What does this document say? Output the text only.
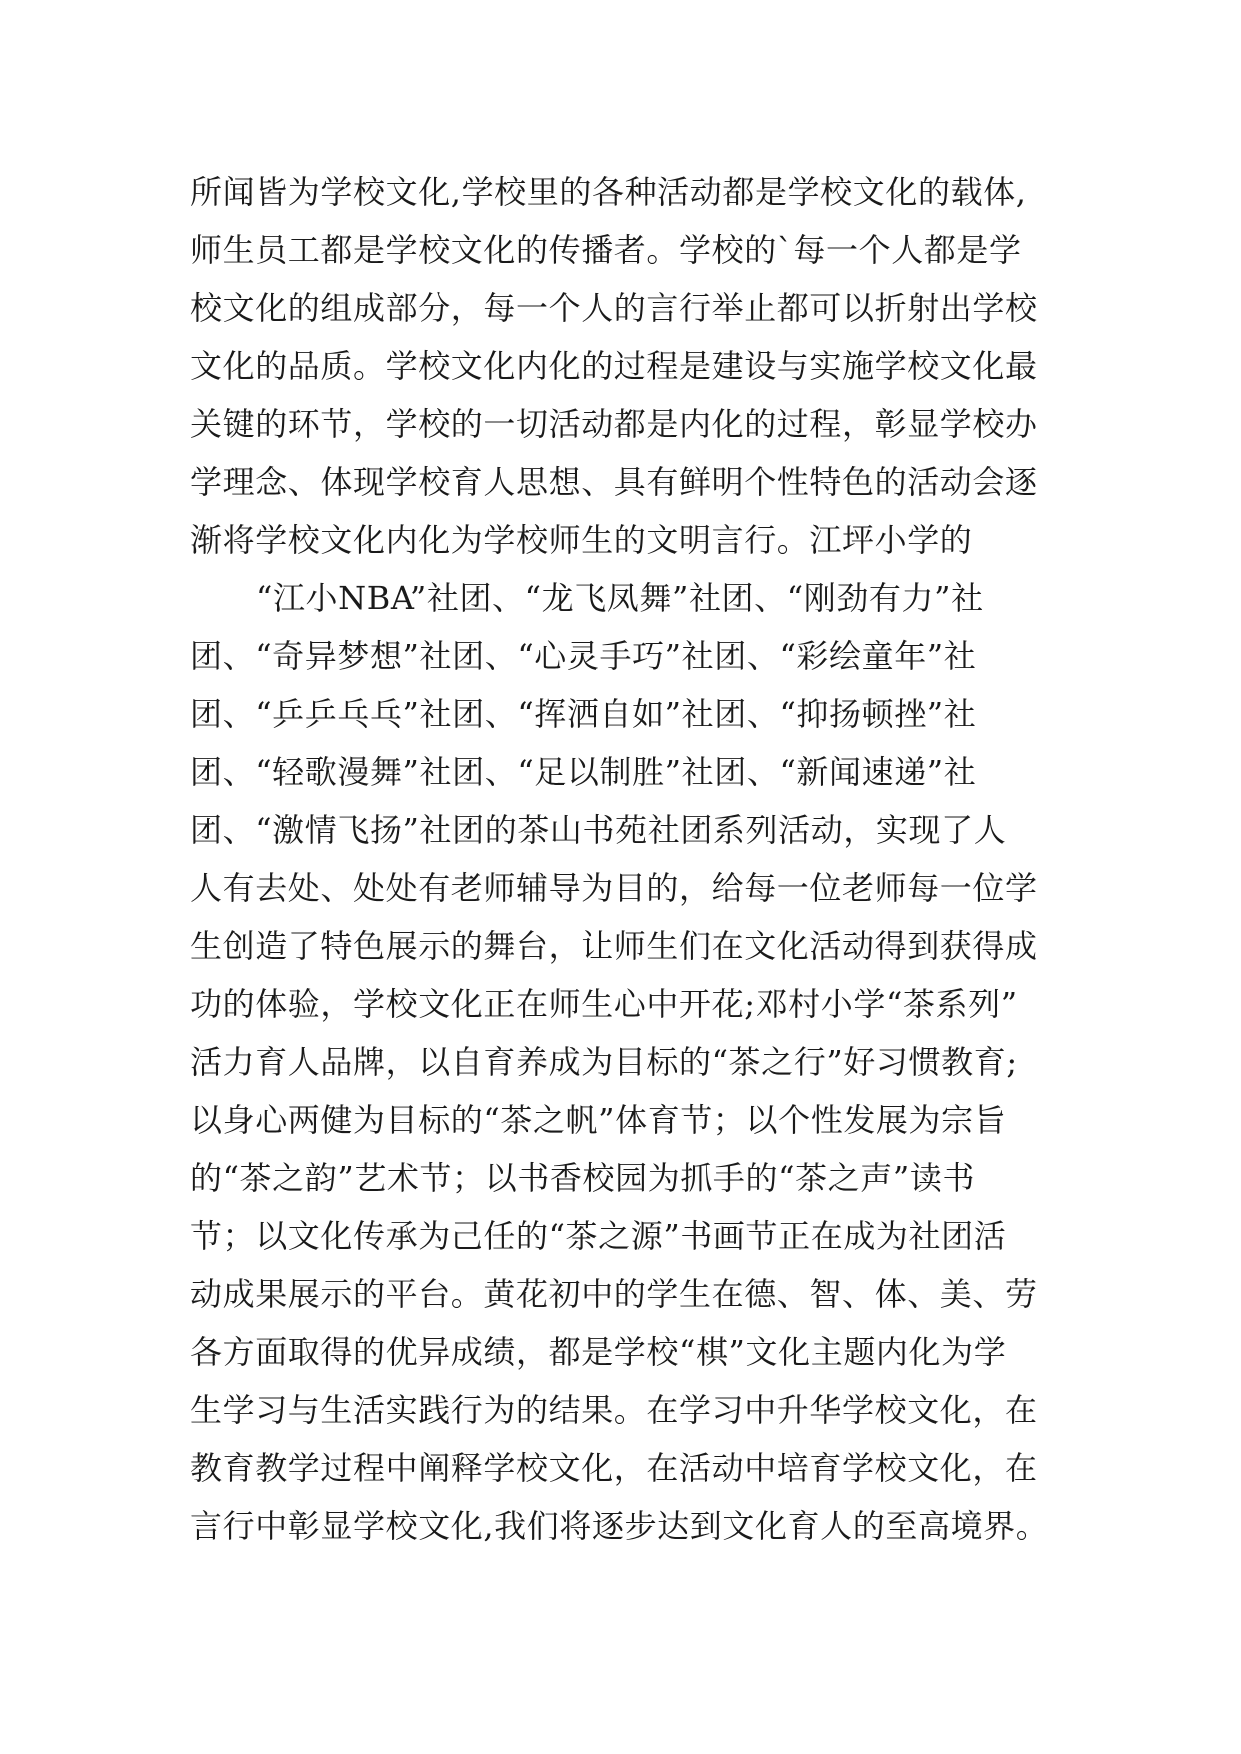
所闻皆为学校文化,学校里的各种活动都是学校文化的载体,
师生员工都是学校文化的传播者。学校的`每一个人都是学
校文化的组成部分，每一个人的言行举止都可以折射出学校
文化的品质。学校文化内化的过程是建设与实施学校文化最
关键的环节，学校的一切活动都是内化的过程，彰显学校办
学理念、体现学校育人思想、具有鲜明个性特色的活动会逐
渐将学校文化内化为学校师生的文明言行。江坪小学的
“江小NBA”社团、“龙飞凤舞”社团、“刚劲有力”社
团、“奇异梦想”社团、“心灵手巧”社团、“彩绘童年”社
团、“乒乒乓乓”社团、“挥洒自如”社团、“抑扬顿挫”社
团、“轻歌漫舞”社团、“足以制胜”社团、“新闻速递”社
团、“激情飞扬”社团的茶山书苑社团系列活动，实现了人
人有去处、处处有老师辅导为目的，给每一位老师每一位学
生创造了特色展示的舞台，让师生们在文化活动得到获得成
功的体验，学校文化正在师生心中开花;邓村小学“茶系列”
活力育人品牌，以自育养成为目标的“茶之行”好习惯教育;
以身心两健为目标的“茶之帆”体育节；以个性发展为宗旨
的“茶之韵”艺术节；以书香校园为抓手的“茶之声”读书
节；以文化传承为己任的“茶之源”书画节正在成为社团活
动成果展示的平台。黄花初中的学生在德、智、体、美、劳
各方面取得的优异成绩，都是学校“棋”文化主题内化为学
生学习与生活实践行为的结果。在学习中升华学校文化，在
教育教学过程中阐释学校文化，在活动中培育学校文化，在
言行中彰显学校文化,我们将逐步达到文化育人的至高境界。
